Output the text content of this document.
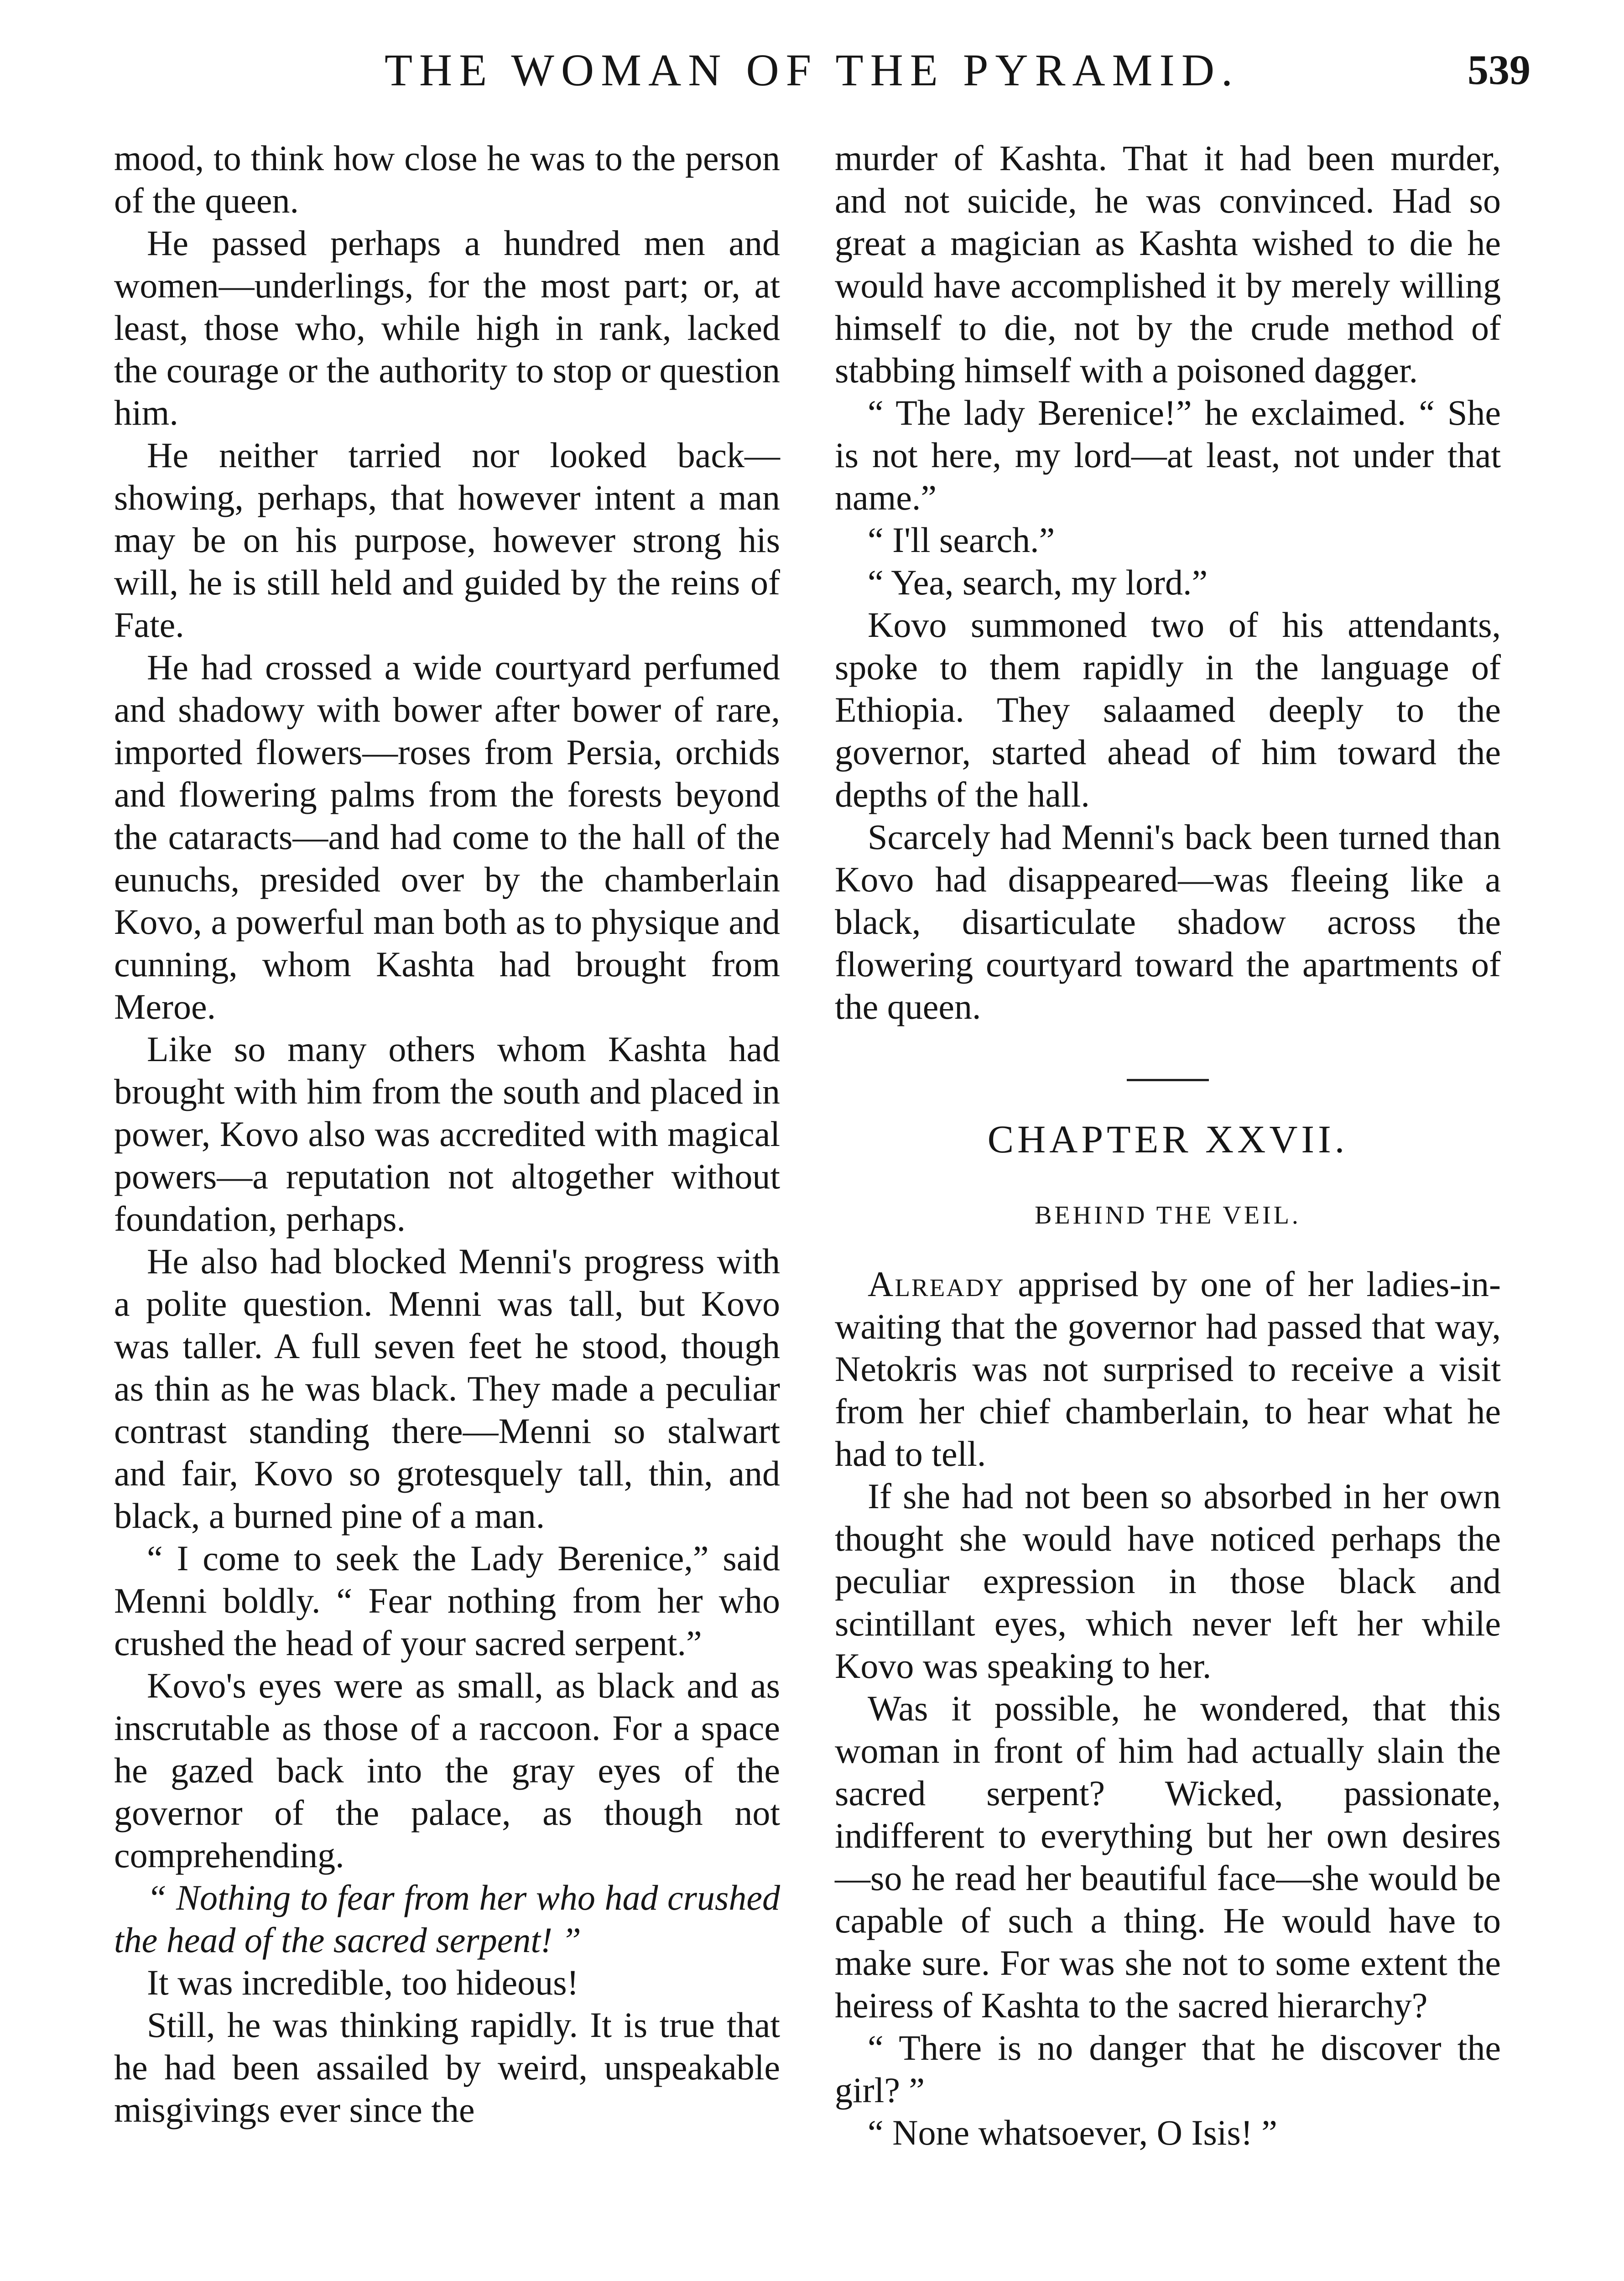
THE WOMAN OF THE PYRAMID.	539

mood, to think how close he was to the person of the queen.

He passed perhaps a hundred men and women—underlings, for the most part; or, at least, those who, while high in rank, lacked the courage or the authority to stop or question him.

He neither tarried nor looked back—showing, perhaps, that however intent a man may be on his purpose, however strong his will, he is still held and guided by the reins of Fate.

He had crossed a wide courtyard perfumed and shadowy with bower after bower of rare, imported flowers—roses from Persia, orchids and flowering palms from the forests beyond the cataracts—and had come to the hall of the eunuchs, presided over by the chamberlain Kovo, a powerful man both as to physique and cunning, whom Kashta had brought from Meroe.

Like so many others whom Kashta had brought with him from the south and placed in power, Kovo also was accredited with magical powers—a reputation not altogether without foundation, perhaps.

He also had blocked Menni's progress with a polite question. Menni was tall, but Kovo was taller. A full seven feet he stood, though as thin as he was black. They made a peculiar contrast standing there—Menni so stalwart and fair, Kovo so grotesquely tall, thin, and black, a burned pine of a man.

“ I come to seek the Lady Berenice,” said Menni boldly. “ Fear nothing from her who crushed the head of your sacred serpent.”

Kovo's eyes were as small, as black and as inscrutable as those of a raccoon. For a space he gazed back into the gray eyes of the governor of the palace, as though not comprehending.

“ Nothing to fear from her who had crushed the head of the sacred serpent! ”

It was incredible, too hideous!

Still, he was thinking rapidly. It is true that he had been assailed by weird, unspeakable misgivings ever since the

murder of Kashta. That it had been murder, and not suicide, he was convinced. Had so great a magician as Kashta wished to die he would have accomplished it by merely willing himself to die, not by the crude method of stabbing himself with a poisoned dagger.

“ The lady Berenice!” he exclaimed. “ She is not here, my lord—at least, not under that name.”

“ I'll search.”

“ Yea, search, my lord.”

Kovo summoned two of his attendants, spoke to them rapidly in the language of Ethiopia. They salaamed deeply to the governor, started ahead of him toward the depths of the hall.

Scarcely had Menni's back been turned than Kovo had disappeared—was fleeing like a black, disarticulate shadow across the flowering courtyard toward the apartments of the queen.

CHAPTER XXVII.
BEHIND THE VEIL.

Already apprised by one of her ladies-in-waiting that the governor had passed that way, Netokris was not surprised to receive a visit from her chief chamberlain, to hear what he had to tell.

If she had not been so absorbed in her own thought she would have noticed perhaps the peculiar expression in those black and scintillant eyes, which never left her while Kovo was speaking to her.

Was it possible, he wondered, that this woman in front of him had actually slain the sacred serpent? Wicked, passionate, indifferent to everything but her own desires—so he read her beautiful face—she would be capable of such a thing. He would have to make sure. For was she not to some extent the heiress of Kashta to the sacred hierarchy?

“ There is no danger that he discover the girl? ”

“ None whatsoever, O Isis! ”
